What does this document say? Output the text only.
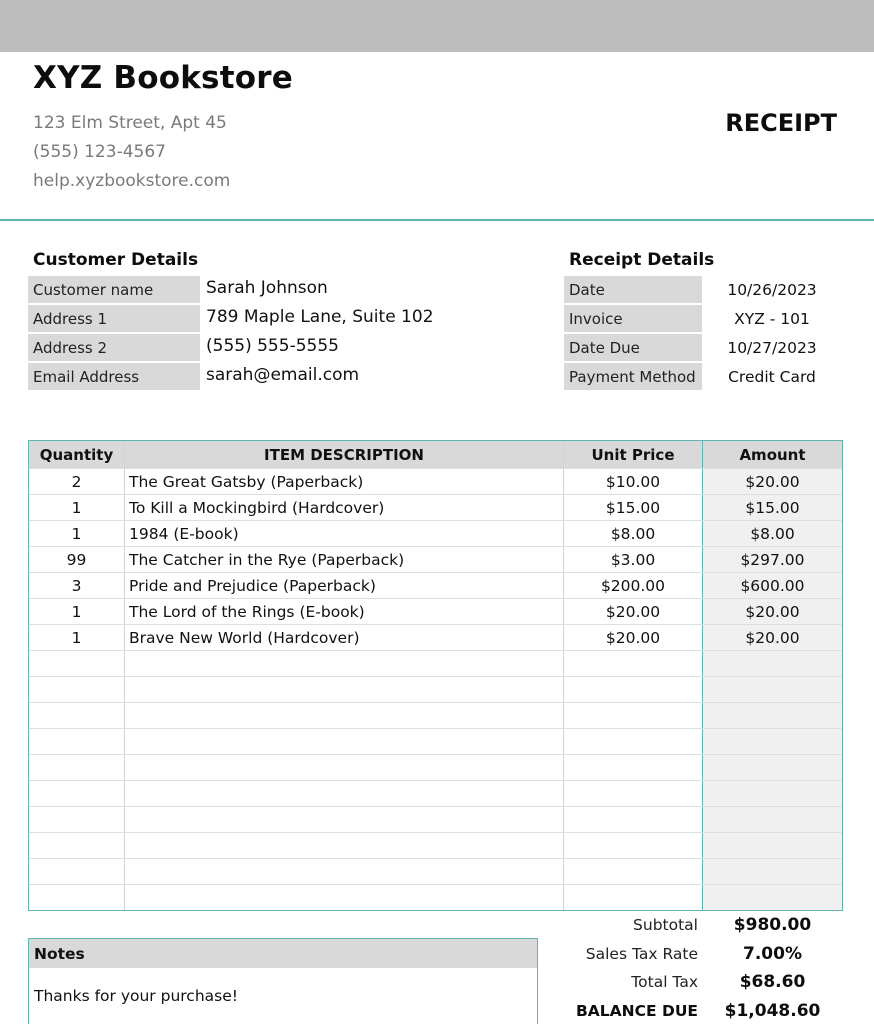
XYZ Bookstore
123 Elm Street, Apt 45
(555) 123-4567
help.xyzbookstore.com
RECEIPT
Customer Details
Customer name	Sarah Johnson
Address 1	789 Maple Lane, Suite 102
Address 2	(555) 555-5555
Email Address	sarah@email.com
Receipt Details
Date	10/26/2023
Invoice	XYZ - 101
Date Due	10/27/2023
Payment Method	Credit Card
Quantity	ITEM DESCRIPTION	Unit Price	Amount
2	The Great Gatsby (Paperback)	$10.00	$20.00
1	To Kill a Mockingbird (Hardcover)	$15.00	$15.00
1	1984 (E-book)	$8.00	$8.00
99	The Catcher in the Rye (Paperback)	$3.00	$297.00
3	Pride and Prejudice (Paperback)	$200.00	$600.00
1	The Lord of the Rings (E-book)	$20.00	$20.00
1	Brave New World (Hardcover)	$20.00	$20.00
Subtotal	$980.00
Sales Tax Rate	7.00%
Total Tax	$68.60
BALANCE DUE	$1,048.60
Notes
Thanks for your purchase!
